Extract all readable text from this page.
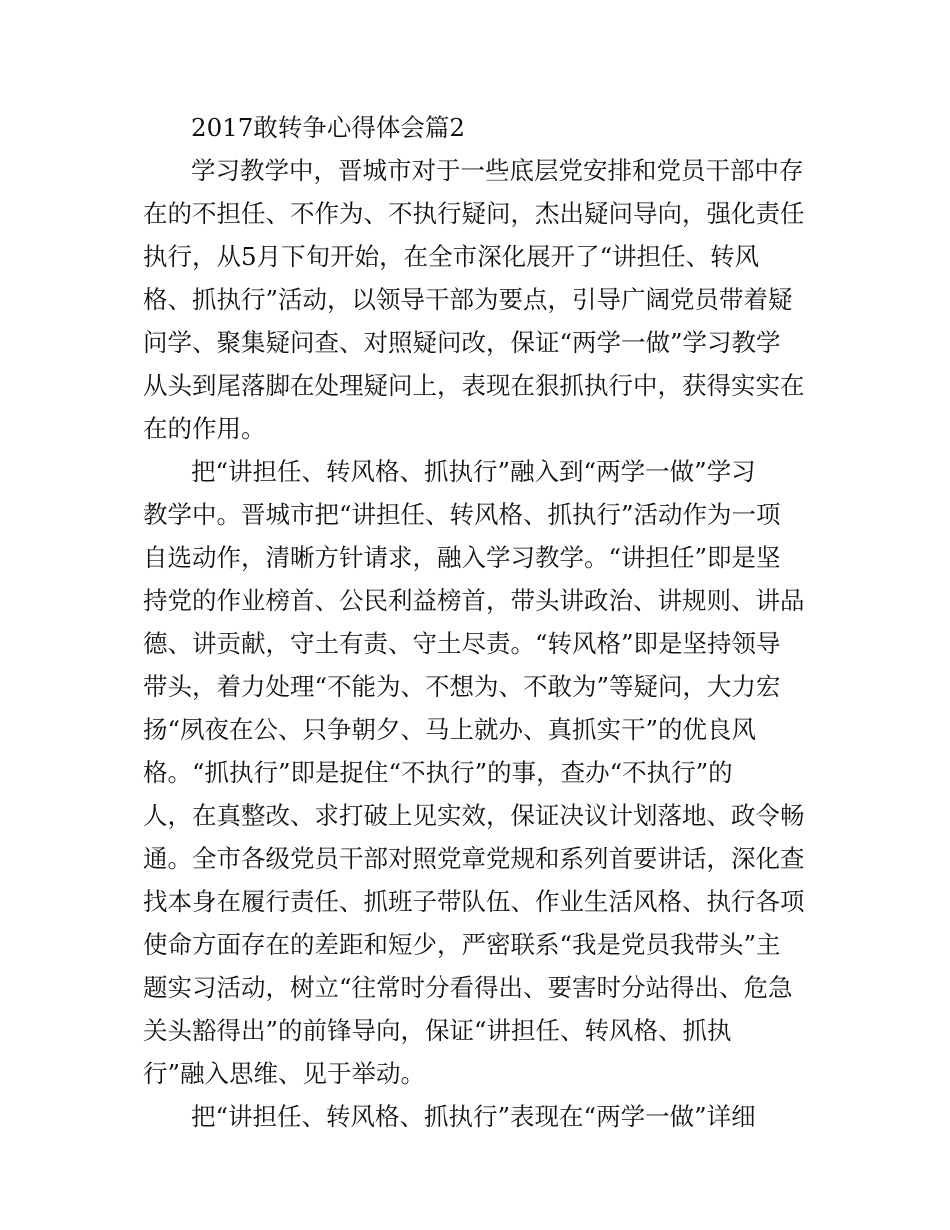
2017敢转争心得体会篇2
学习教学中，晋城市对于一些底层党安排和党员干部中存
在的不担任、不作为、不执行疑问，杰出疑问导向，强化责任
执行，从5月下旬开始，在全市深化展开了“讲担任、转风
格、抓执行”活动，以领导干部为要点，引导广阔党员带着疑
问学、聚集疑问查、对照疑问改，保证“两学一做”学习教学
从头到尾落脚在处理疑问上，表现在狠抓执行中，获得实实在
在的作用。
把“讲担任、转风格、抓执行”融入到“两学一做”学习
教学中。晋城市把“讲担任、转风格、抓执行”活动作为一项
自选动作，清晰方针请求，融入学习教学。“讲担任”即是坚
持党的作业榜首、公民利益榜首，带头讲政治、讲规则、讲品
德、讲贡献，守土有责、守土尽责。“转风格”即是坚持领导
带头，着力处理“不能为、不想为、不敢为”等疑问，大力宏
扬“夙夜在公、只争朝夕、马上就办、真抓实干”的优良风
格。“抓执行”即是捉住“不执行”的事，查办“不执行”的
人，在真整改、求打破上见实效，保证决议计划落地、政令畅
通。全市各级党员干部对照党章党规和系列首要讲话，深化查
找本身在履行责任、抓班子带队伍、作业生活风格、执行各项
使命方面存在的差距和短少，严密联系“我是党员我带头”主
题实习活动，树立“往常时分看得出、要害时分站得出、危急
关头豁得出”的前锋导向，保证“讲担任、转风格、抓执
行”融入思维、见于举动。
把“讲担任、转风格、抓执行”表现在“两学一做”详细
